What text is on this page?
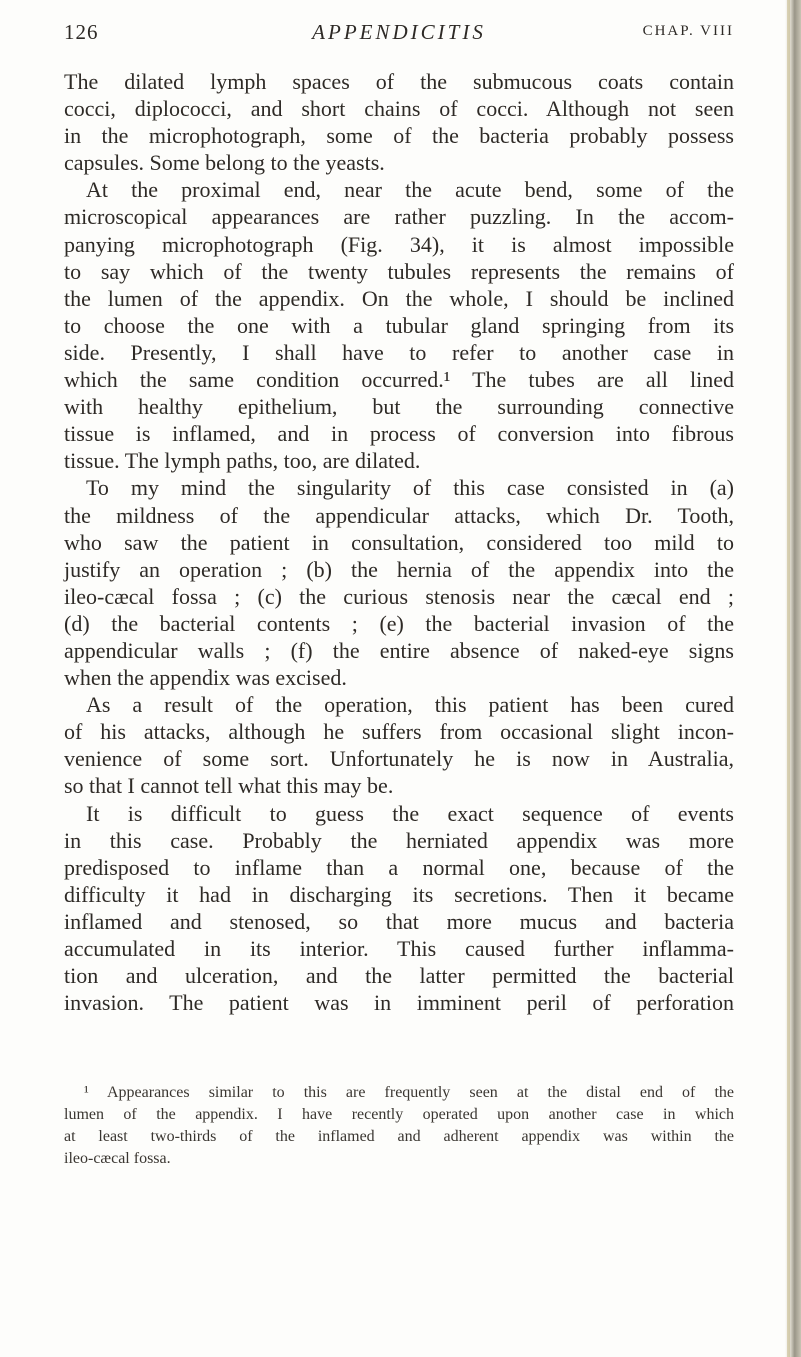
126	APPENDICITIS	CHAP. VIII
The dilated lymph spaces of the submucous coats contain
cocci, diplococci, and short chains of cocci. Although not seen
in the microphotograph, some of the bacteria probably possess
capsules. Some belong to the yeasts.
At the proximal end, near the acute bend, some of the
microscopical appearances are rather puzzling. In the accom-
panying microphotograph (Fig. 34), it is almost impossible
to say which of the twenty tubules represents the remains of
the lumen of the appendix. On the whole, I should be inclined
to choose the one with a tubular gland springing from its
side. Presently, I shall have to refer to another case in
which the same condition occurred.¹ The tubes are all lined
with healthy epithelium, but the surrounding connective
tissue is inflamed, and in process of conversion into fibrous
tissue. The lymph paths, too, are dilated.
To my mind the singularity of this case consisted in (a)
the mildness of the appendicular attacks, which Dr. Tooth,
who saw the patient in consultation, considered too mild to
justify an operation ; (b) the hernia of the appendix into the
ileo-cæcal fossa ; (c) the curious stenosis near the cæcal end ;
(d) the bacterial contents ; (e) the bacterial invasion of the
appendicular walls ; (f) the entire absence of naked-eye signs
when the appendix was excised.
As a result of the operation, this patient has been cured
of his attacks, although he suffers from occasional slight incon-
venience of some sort. Unfortunately he is now in Australia,
so that I cannot tell what this may be.
It is difficult to guess the exact sequence of events
in this case. Probably the herniated appendix was more
predisposed to inflame than a normal one, because of the
difficulty it had in discharging its secretions. Then it became
inflamed and stenosed, so that more mucus and bacteria
accumulated in its interior. This caused further inflamma-
tion and ulceration, and the latter permitted the bacterial
invasion. The patient was in imminent peril of perforation
¹ Appearances similar to this are frequently seen at the distal end of the
lumen of the appendix. I have recently operated upon another case in which
at least two-thirds of the inflamed and adherent appendix was within the
ileo-cæcal fossa.
